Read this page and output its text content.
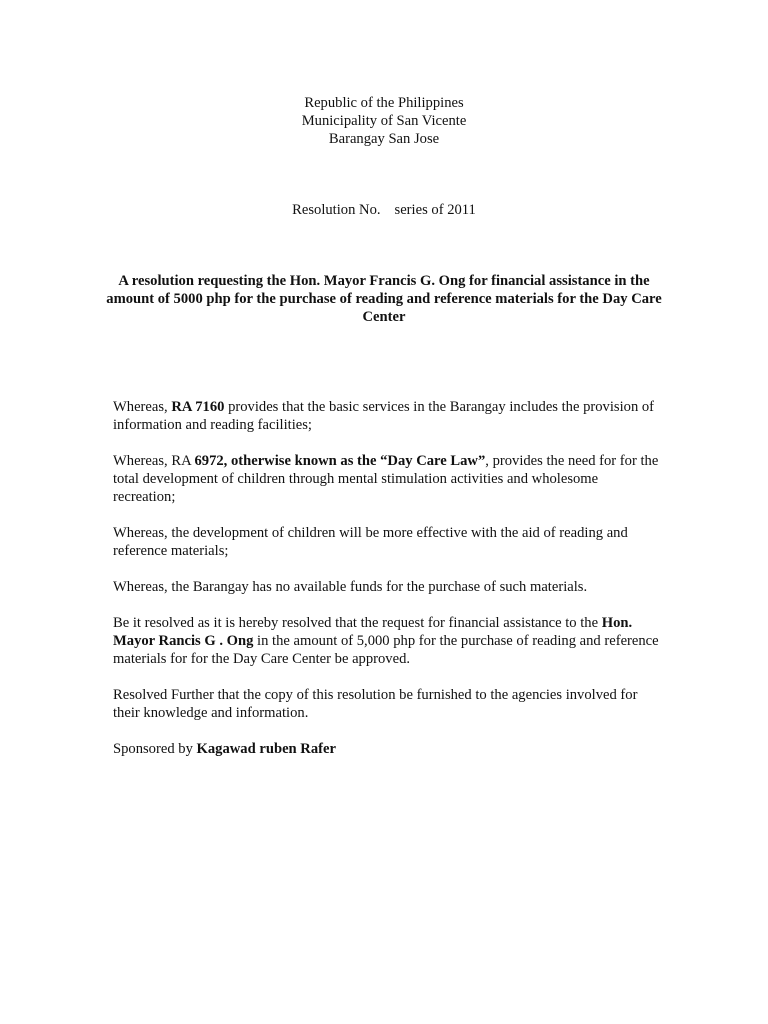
Republic of the Philippines
Municipality of San Vicente
Barangay San Jose
Resolution No. series of 2011
A resolution requesting the Hon. Mayor Francis G. Ong for financial assistance in the amount of 5000 php for the purchase of reading and reference materials for the Day Care Center

Whereas, RA 7160 provides that the basic services in the Barangay includes the provision of information and reading facilities;

Whereas, RA 6972, otherwise known as the “Day Care Law”, provides the need for for the total development of children through mental stimulation activities and wholesome recreation;

Whereas, the development of children will be more effective with the aid of reading and reference materials;

Whereas, the Barangay has no available funds for the purchase of such materials.

Be it resolved as it is hereby resolved that the request for financial assistance to the Hon. Mayor Rancis G . Ong in the amount of 5,000 php for the purchase of reading and reference materials for for the Day Care Center be approved.

Resolved Further that the copy of this resolution be furnished to the agencies involved for their knowledge and information.

Sponsored by Kagawad ruben Rafer
